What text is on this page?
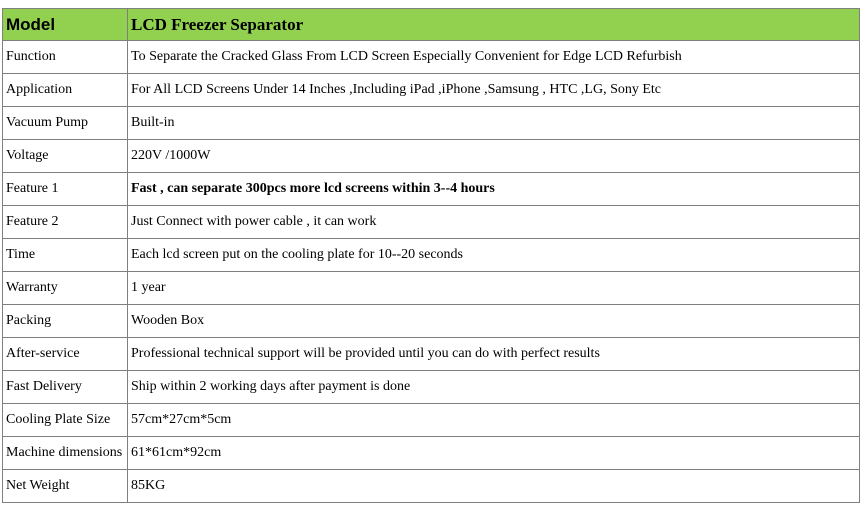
Model	LCD Freezer Separator
Function	To Separate the Cracked Glass From LCD Screen Especially Convenient for Edge LCD Refurbish
Application	For All LCD Screens Under 14 Inches ,Including iPad ,iPhone ,Samsung , HTC ,LG, Sony Etc
Vacuum Pump	Built-in
Voltage	220V /1000W
Feature 1	Fast , can separate 300pcs more lcd screens within 3--4 hours
Feature 2	Just Connect with power cable , it can work
Time	Each lcd screen put on the cooling plate for 10--20 seconds
Warranty	1 year
Packing	Wooden Box
After-service	Professional technical support will be provided until you can do with perfect results
Fast Delivery	Ship within 2 working days after payment is done
Cooling Plate Size	57cm*27cm*5cm
Machine dimensions	61*61cm*92cm
Net Weight	85KG
